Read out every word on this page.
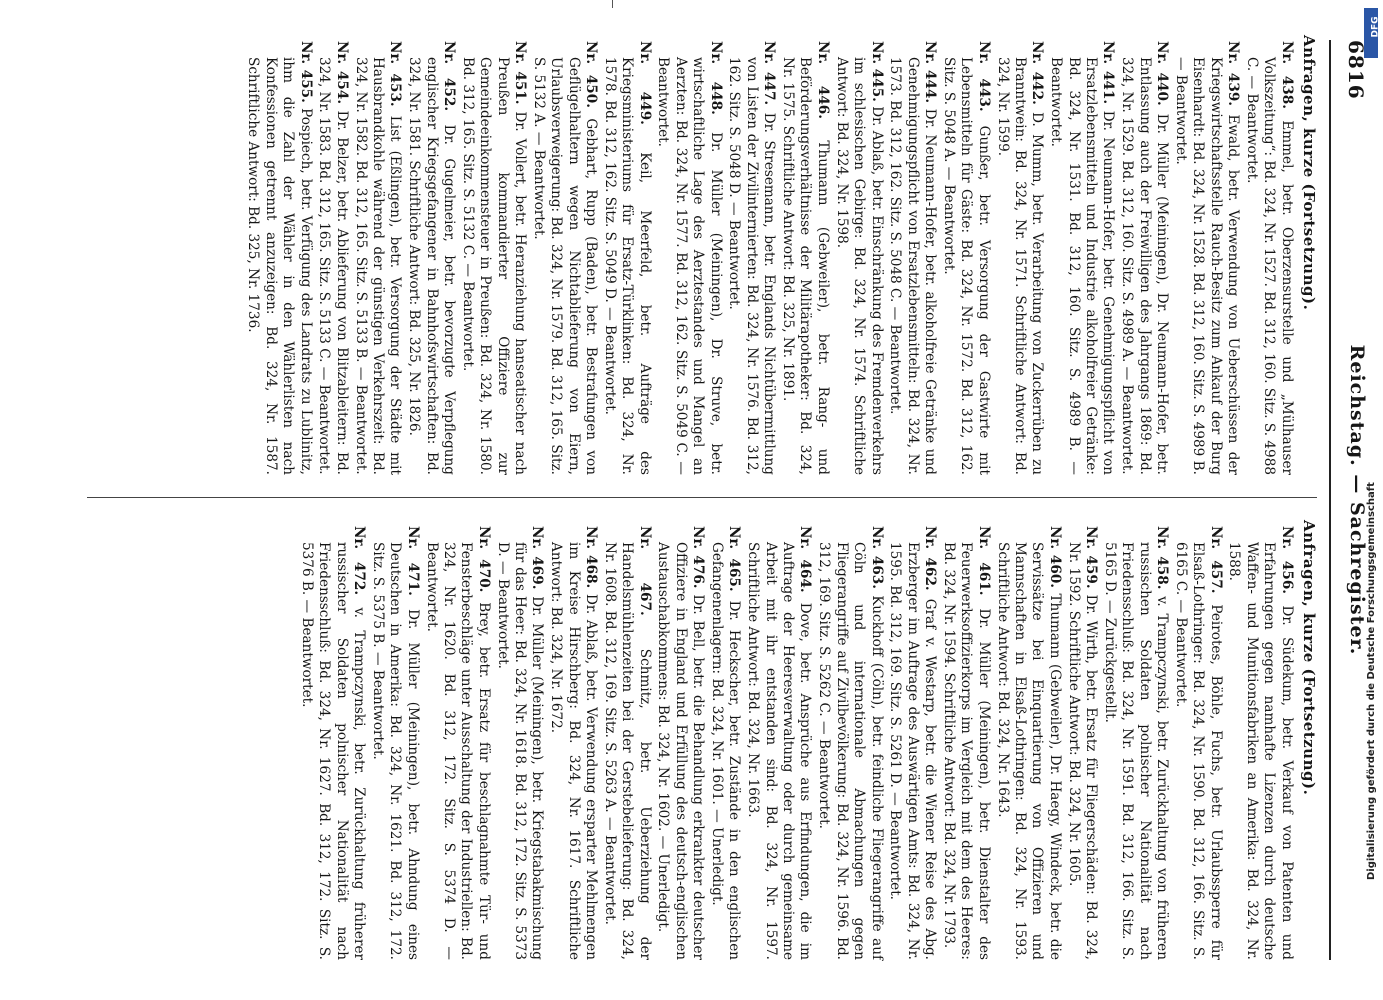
DFG
Digitalisierung gefördert durch die Deutsche Forschungsgemeinschaft
6816
Reichstag. — Sachregister.
Anfragen, kurze (Fortsetzung).

Nr. 438. Emmel, betr. Oberzensurstelle und „Mülhauser Volkszeitung“: Bd. 324, Nr. 1527. Bd. 312, 160. Sitz. S. 4988 C. — Beantwortet.

Nr. 439. Ewald, betr. Verwendung von Ueberschüssen der Kriegswirtschaftsstelle Rauch-Besitz zum Ankauf der Burg Eisenhardt: Bd. 324, Nr. 1528. Bd. 312, 160. Sitz. S. 4989 B. — Beantwortet.

Nr. 440. Dr. Müller (Meiningen), Dr. Neumann-Hofer, betr. Entlassung auch der Freiwilligen des Jahrgangs 1869: Bd. 324, Nr. 1529. Bd. 312, 160. Sitz. S. 4989 A. — Beantwortet.

Nr. 441. Dr. Neumann-Hofer, betr. Genehmigungspflicht von Ersatzlebensmitteln und Industrie alkoholfreier Getränke: Bd. 324, Nr. 1531. Bd. 312, 160. Sitz. S. 4989 B. — Beantwortet.

Nr. 442. D. Mumm, betr. Verarbeitung von Zuckerrüben zu Branntwein: Bd. 324, Nr. 1571. Schriftliche Antwort: Bd. 324, Nr. 1599.

Nr. 443. Gunßer, betr. Versorgung der Gastwirte mit Lebensmitteln für Gäste: Bd. 324, Nr. 1572. Bd. 312, 162. Sitz. S. 5048 A. — Beantwortet.

Nr. 444. Dr. Neumann-Hofer, betr. alkoholfreie Getränke und Genehmigungspflicht von Ersatzlebensmitteln: Bd. 324, Nr. 1573. Bd. 312, 162. Sitz. S. 5048 C. — Beantwortet.

Nr. 445. Dr. Ablaß, betr. Einschränkung des Fremdenverkehrs im schlesischen Gebirge: Bd. 324, Nr. 1574. Schriftliche Antwort: Bd. 324, Nr. 1598.

Nr. 446. Thumann (Gebweiler), betr. Rang- und Beförderungsverhältnisse der Militärapotheker: Bd. 324, Nr. 1575. Schriftliche Antwort: Bd. 325, Nr. 1891.

Nr. 447. Dr. Stresemann, betr. Englands Nichtübermittlung von Listen der Zivilinternierten: Bd. 324, Nr. 1576. Bd. 312, 162. Sitz. S. 5048 D. — Beantwortet.

Nr. 448. Dr. Müller (Meiningen), Dr. Struve, betr. wirtschaftliche Lage des Aerztestandes und Mangel an Aerzten: Bd. 324, Nr. 1577. Bd. 312, 162. Sitz. S. 5049 C. — Beantwortet.

Nr. 449. Keil, Meerfeld, betr. Aufträge des Kriegsministeriums für Ersatz-Türklinken: Bd. 324, Nr. 1578. Bd. 312, 162. Sitz. S. 5049 D. — Beantwortet.

Nr. 450. Gebhart, Rupp (Baden), betr. Bestrafungen von Geflügelhaltern wegen Nichtablieferung von Eiern, Urlaubsverweigerung: Bd. 324, Nr. 1579. Bd. 312, 165. Sitz. S. 5132 A. — Beantwortet.

Nr. 451. Dr. Vollert, betr. Heranziehung hanseatischer nach Preußen kommandierter Offiziere zur Gemeindeeinkommensteuer in Preußen: Bd. 324, Nr. 1580. Bd. 312, 165. Sitz. S. 5132 C. — Beantwortet.

Nr. 452. Dr. Gugelmeier, betr. bevorzugte Verpflegung englischer Kriegsgefangener in Bahnhofswirtschaften: Bd. 324, Nr. 1581. Schriftliche Antwort: Bd. 325, Nr. 1826.

Nr. 453. List (Eßlingen), betr. Versorgung der Städte mit Hausbrandkohle während der günstigen Verkehrszeit: Bd. 324, Nr. 1582. Bd. 312, 165. Sitz. S. 5133 B. — Beantwortet.

Nr. 454. Dr. Belzer, betr. Ablieferung von Blitzableitern: Bd. 324, Nr. 1583. Bd. 312, 165. Sitz. S. 5133 C. — Beantwortet.

Nr. 455. Pospiech, betr. Verfügung des Landrats zu Lublinitz, ihm die Zahl der Wähler in den Wählerlisten nach Konfessionen getrennt anzuzeigen: Bd. 324, Nr. 1587. Schriftliche Antwort: Bd. 325, Nr. 1736.

Anfragen, kurze (Fortsetzung).

Nr. 456. Dr. Südekum, betr. Verkauf von Patenten und Erfahrungen gegen namhafte Lizenzen durch deutsche Waffen- und Munitionsfabriken an Amerika: Bd. 324, Nr. 1588.

Nr. 457. Peirotes, Böhle, Fuchs, betr. Urlaubssperre für Elsaß-Lothringer: Bd. 324, Nr. 1590. Bd. 312, 166. Sitz. S. 6165 C. — Beantwortet.

Nr. 458. v. Trampczynski, betr. Zurückhaltung von früheren russischen Soldaten polnischer Nationalität nach Friedensschluß: Bd. 324, Nr. 1591. Bd. 312, 166. Sitz. S. 5165 D. — Zurückgestellt.

Nr. 459. Dr. Wirth, betr. Ersatz für Fliegerschäden: Bd. 324, Nr. 1592. Schriftliche Antwort: Bd. 324, Nr. 1605.

Nr. 460. Thumann (Gebweiler), Dr. Haegy, Windeck, betr. die Servissätze bei Einquartierung von Offizieren und Mannschaften in Elsaß-Lothringen: Bd. 324, Nr. 1593. Schriftliche Antwort: Bd. 324, Nr. 1643.

Nr. 461. Dr. Müller (Meiningen), betr. Dienstalter des Feuerwerksoffizierkorps im Vergleich mit dem des Heeres: Bd. 324, Nr. 1594. Schriftliche Antwort: Bd. 324, Nr. 1793.

Nr. 462. Graf v. Westarp, betr. die Wiener Reise des Abg. Erzberger im Auftrage des Auswärtigen Amts: Bd. 324, Nr. 1595. Bd. 312, 169. Sitz. S. 5261 D. — Beantwortet.

Nr. 463. Kuckhoff (Cöln), betr. feindliche Fliegerangriffe auf Cöln und internationale Abmachungen gegen Fliegerangriffe auf Zivilbevölkerung: Bd. 324, Nr. 1596. Bd. 312, 169. Sitz. S. 5262 C. — Beantwortet.

Nr. 464. Dove, betr. Ansprüche aus Erfindungen, die im Auftrage der Heeresverwaltung oder durch gemeinsame Arbeit mit ihr entstanden sind: Bd. 324, Nr. 1597. Schriftliche Antwort: Bd. 324, Nr. 1663.

Nr. 465. Dr. Heckscher, betr. Zustände in den englischen Gefangenenlagern: Bd. 324, Nr. 1601. — Unerledigt.

Nr. 476. Dr. Bell, betr. die Behandlung erkrankter deutscher Offiziere in England und Erfüllung des deutsch-englischen Austauschabkommens: Bd. 324, Nr. 1602. — Unerledigt.

Nr. 467. Schmitz, betr. Ueberziehung der Handelsmühlenzeiten bei der Gerstebelieferung: Bd. 324, Nr. 1608. Bd. 312, 169. Sitz. S. 5263 A. — Beantwortet.

Nr. 468. Dr. Ablaß, betr. Verwendung ersparter Mehlmengen im Kreise Hirschberg: Bd. 324, Nr. 1617. Schriftliche Antwort: Bd. 324, Nr. 1672.

Nr. 469. Dr. Müller (Meiningen), betr. Kriegstabakmischung für das Heer: Bd. 324, Nr. 1618. Bd. 312, 172. Sitz. S. 5373 D. — Beantwortet.

Nr. 470. Brey, betr. Ersatz für beschlagnahmte Tür- und Fensterbeschläge unter Ausschaltung der Industriellen: Bd. 324, Nr. 1620. Bd. 312, 172. Sitz. S. 5374 D. — Beantwortet.

Nr. 471. Dr. Müller (Meiningen), betr. Ahndung eines Deutschen in Amerika: Bd. 324, Nr. 1621. Bd. 312, 172. Sitz. S. 5375 B. — Beantwortet.

Nr. 472. v. Trampczynski, betr. Zurückhaltung früherer russischer Soldaten polnischer Nationalität nach Friedensschluß: Bd. 324, Nr. 1627. Bd. 312, 172. Sitz. S. 5376 B. — Beantwortet.
